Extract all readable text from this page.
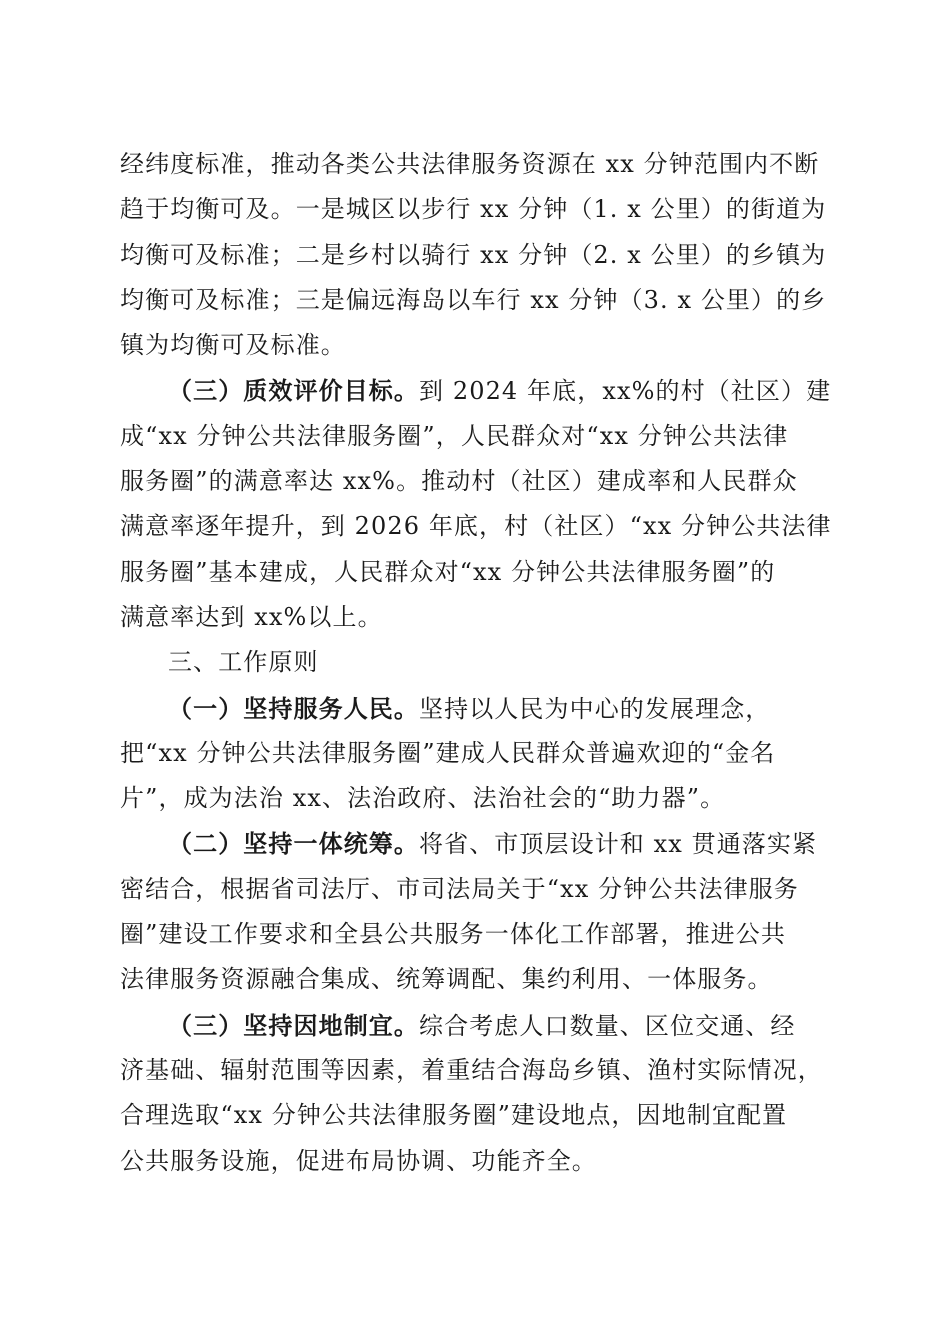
经纬度标准，推动各类公共法律服务资源在 xx 分钟范围内不断
趋于均衡可及。一是城区以步行 xx 分钟（1. x 公里）的街道为
均衡可及标准；二是乡村以骑行 xx 分钟（2. x 公里）的乡镇为
均衡可及标准；三是偏远海岛以车行 xx 分钟（3. x 公里）的乡
镇为均衡可及标准。

（三）质效评价目标。到 2024 年底，xx%的村（社区）建
成“xx 分钟公共法律服务圈”，人民群众对“xx 分钟公共法律
服务圈”的满意率达 xx%。推动村（社区）建成率和人民群众
满意率逐年提升，到 2026 年底，村（社区）“xx 分钟公共法律
服务圈”基本建成，人民群众对“xx 分钟公共法律服务圈”的
满意率达到 xx%以上。

三、工作原则

（一）坚持服务人民。坚持以人民为中心的发展理念，
把“xx 分钟公共法律服务圈”建成人民群众普遍欢迎的“金名
片”，成为法治 xx、法治政府、法治社会的“助力器”。

（二）坚持一体统筹。将省、市顶层设计和 xx 贯通落实紧
密结合，根据省司法厅、市司法局关于“xx 分钟公共法律服务
圈”建设工作要求和全县公共服务一体化工作部署，推进公共
法律服务资源融合集成、统筹调配、集约利用、一体服务。

（三）坚持因地制宜。综合考虑人口数量、区位交通、经
济基础、辐射范围等因素，着重结合海岛乡镇、渔村实际情况，
合理选取“xx 分钟公共法律服务圈”建设地点，因地制宜配置
公共服务设施，促进布局协调、功能齐全。
